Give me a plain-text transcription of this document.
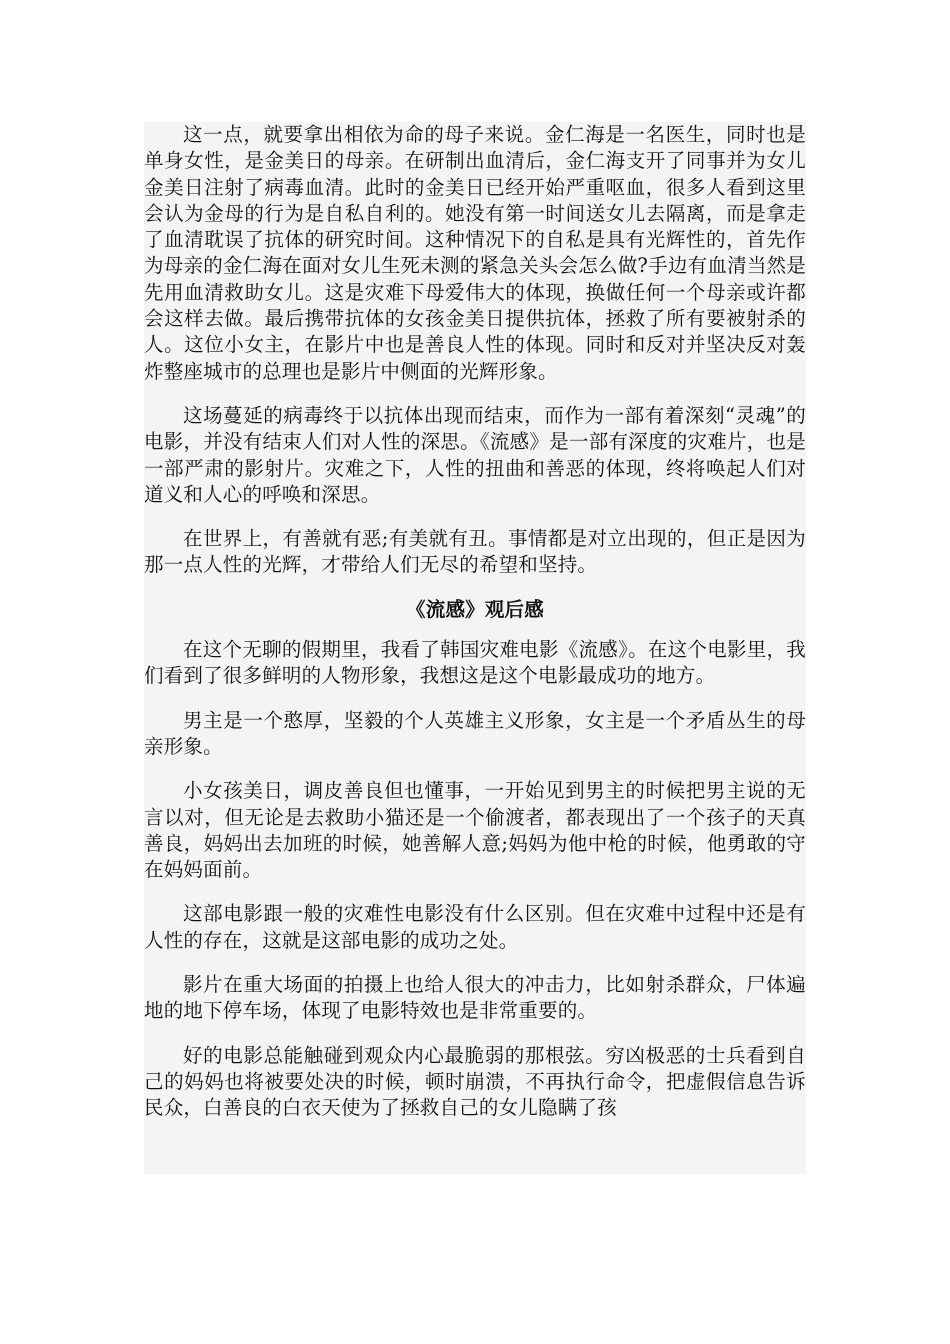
这一点，就要拿出相依为命的母子来说。金仁海是一名医生，同时也是单身女性，是金美日的母亲。在研制出血清后，金仁海支开了同事并为女儿金美日注射了病毒血清。此时的金美日已经开始严重呕血，很多人看到这里会认为金母的行为是自私自利的。她没有第一时间送女儿去隔离，而是拿走了血清耽误了抗体的研究时间。这种情况下的自私是具有光辉性的，首先作为母亲的金仁海在面对女儿生死未测的紧急关头会怎么做?手边有血清当然是先用血清救助女儿。这是灾难下母爱伟大的体现，换做任何一个母亲或许都会这样去做。最后携带抗体的女孩金美日提供抗体，拯救了所有要被射杀的人。这位小女主，在影片中也是善良人性的体现。同时和反对并坚决反对轰炸整座城市的总理也是影片中侧面的光辉形象。

这场蔓延的病毒终于以抗体出现而结束，而作为一部有着深刻“灵魂”的电影，并没有结束人们对人性的深思。《流感》是一部有深度的灾难片，也是一部严肃的影射片。灾难之下，人性的扭曲和善恶的体现，终将唤起人们对道义和人心的呼唤和深思。

在世界上，有善就有恶;有美就有丑。事情都是对立出现的，但正是因为那一点人性的光辉，才带给人们无尽的希望和坚持。

《流感》观后感

在这个无聊的假期里，我看了韩国灾难电影《流感》。在这个电影里，我们看到了很多鲜明的人物形象，我想这是这个电影最成功的地方。

男主是一个憨厚，坚毅的个人英雄主义形象，女主是一个矛盾丛生的母亲形象。

小女孩美日，调皮善良但也懂事，一开始见到男主的时候把男主说的无言以对，但无论是去救助小猫还是一个偷渡者，都表现出了一个孩子的天真善良，妈妈出去加班的时候，她善解人意;妈妈为他中枪的时候，他勇敢的守在妈妈面前。

这部电影跟一般的灾难性电影没有什么区别。但在灾难中过程中还是有人性的存在，这就是这部电影的成功之处。

影片在重大场面的拍摄上也给人很大的冲击力，比如射杀群众，尸体遍地的地下停车场，体现了电影特效也是非常重要的。

好的电影总能触碰到观众内心最脆弱的那根弦。穷凶极恶的士兵看到自己的妈妈也将被要处决的时候，顿时崩溃，不再执行命令，把虚假信息告诉民众，白善良的白衣天使为了拯救自己的女儿隐瞒了孩
